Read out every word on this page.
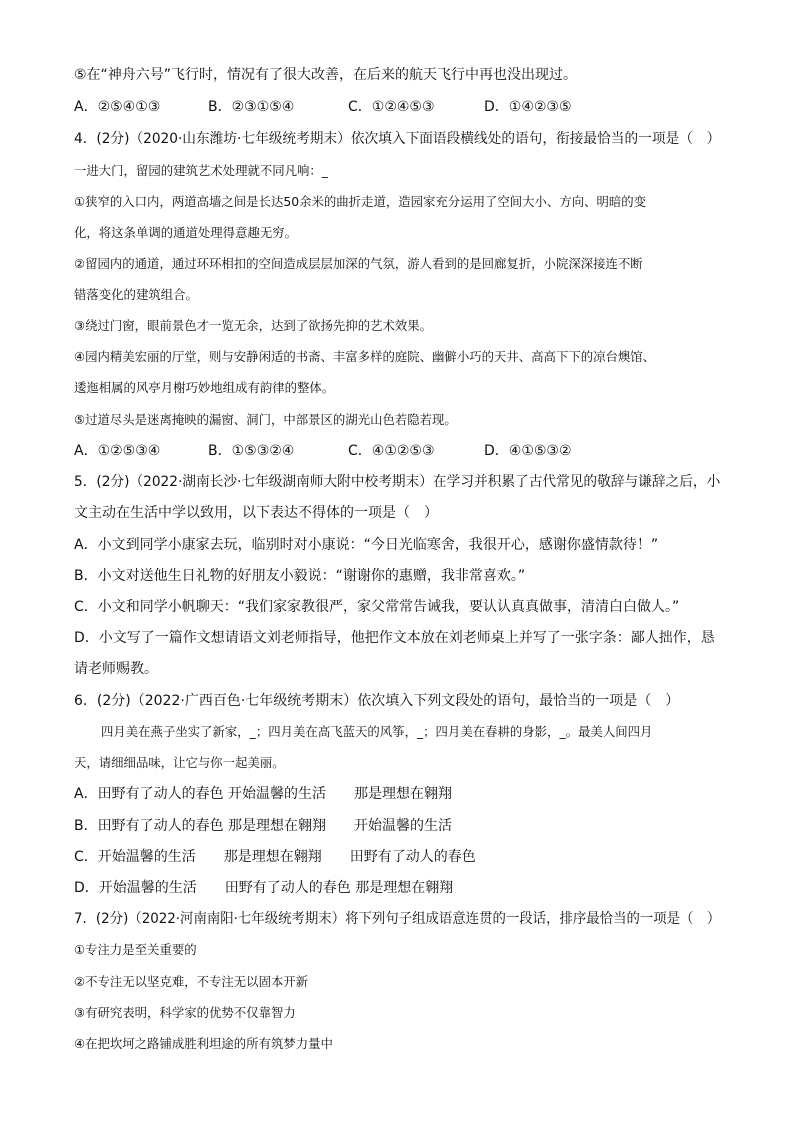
⑤在“神舟六号”飞行时，情况有了很大改善，在后来的航天飞行中再也没出现过。
A．②⑤④①③	B．②③①⑤④	C．①②④⑤③	D．①④②③⑤
4．(2分)（2020·山东潍坊·七年级统考期末）依次填入下面语段横线处的语句，衔接最恰当的一项是（　）
一进大门，留园的建筑艺术处理就不同凡响：_
①狭窄的入口内，两道高墙之间是长达50余米的曲折走道，造园家充分运用了空间大小、方向、明暗的变
化，将这条单调的通道处理得意趣无穷。
②留园内的通道，通过环环相扣的空间造成层层加深的气氛，游人看到的是回廊复折，小院深深接连不断
错落变化的建筑组合。
③绕过门窗，眼前景色才一览无余，达到了欲扬先抑的艺术效果。
④园内精美宏丽的厅堂，则与安静闲适的书斋、丰富多样的庭院、幽僻小巧的天井、高高下下的凉台燠馆、
逶迤相属的风亭月榭巧妙地组成有韵律的整体。
⑤过道尽头是迷离掩映的漏窗、洞门，中部景区的湖光山色若隐若现。
A．①②⑤③④	B．①⑤③②④	C．④①②⑤③	D．④①⑤③②
5．(2分)（2022·湖南长沙·七年级湖南师大附中校考期末）在学习并积累了古代常见的敬辞与谦辞之后，小
文主动在生活中学以致用，以下表达不得体的一项是（　）
A．小文到同学小康家去玩，临别时对小康说：“今日光临寒舍，我很开心，感谢你盛情款待！”
B．小文对送他生日礼物的好朋友小毅说：“谢谢你的惠赠，我非常喜欢。”
C．小文和同学小帆聊天：“我们家家教很严，家父常常告诫我，要认认真真做事，清清白白做人。”
D．小文写了一篇作文想请语文刘老师指导，他把作文本放在刘老师桌上并写了一张字条：鄙人拙作，恳
请老师赐教。
6．(2分)（2022·广西百色·七年级统考期末）依次填入下列文段处的语句，最恰当的一项是（　）
四月美在燕子坐实了新家，_；四月美在高飞蓝天的风筝，_；四月美在春耕的身影，_。最美人间四月
天，请细细品味，让它与你一起美丽。
A．田野有了动人的春色 开始温馨的生活　　那是理想在翱翔
B．田野有了动人的春色 那是理想在翱翔　　开始温馨的生活
C．开始温馨的生活　　那是理想在翱翔　　田野有了动人的春色
D．开始温馨的生活　　田野有了动人的春色 那是理想在翱翔
7．(2分)（2022·河南南阳·七年级统考期末）将下列句子组成语意连贯的一段话，排序最恰当的一项是（　）
①专注力是至关重要的
②不专注无以坚克难，不专注无以固本开新
③有研究表明，科学家的优势不仅靠智力
④在把坎坷之路铺成胜利坦途的所有筑梦力量中
